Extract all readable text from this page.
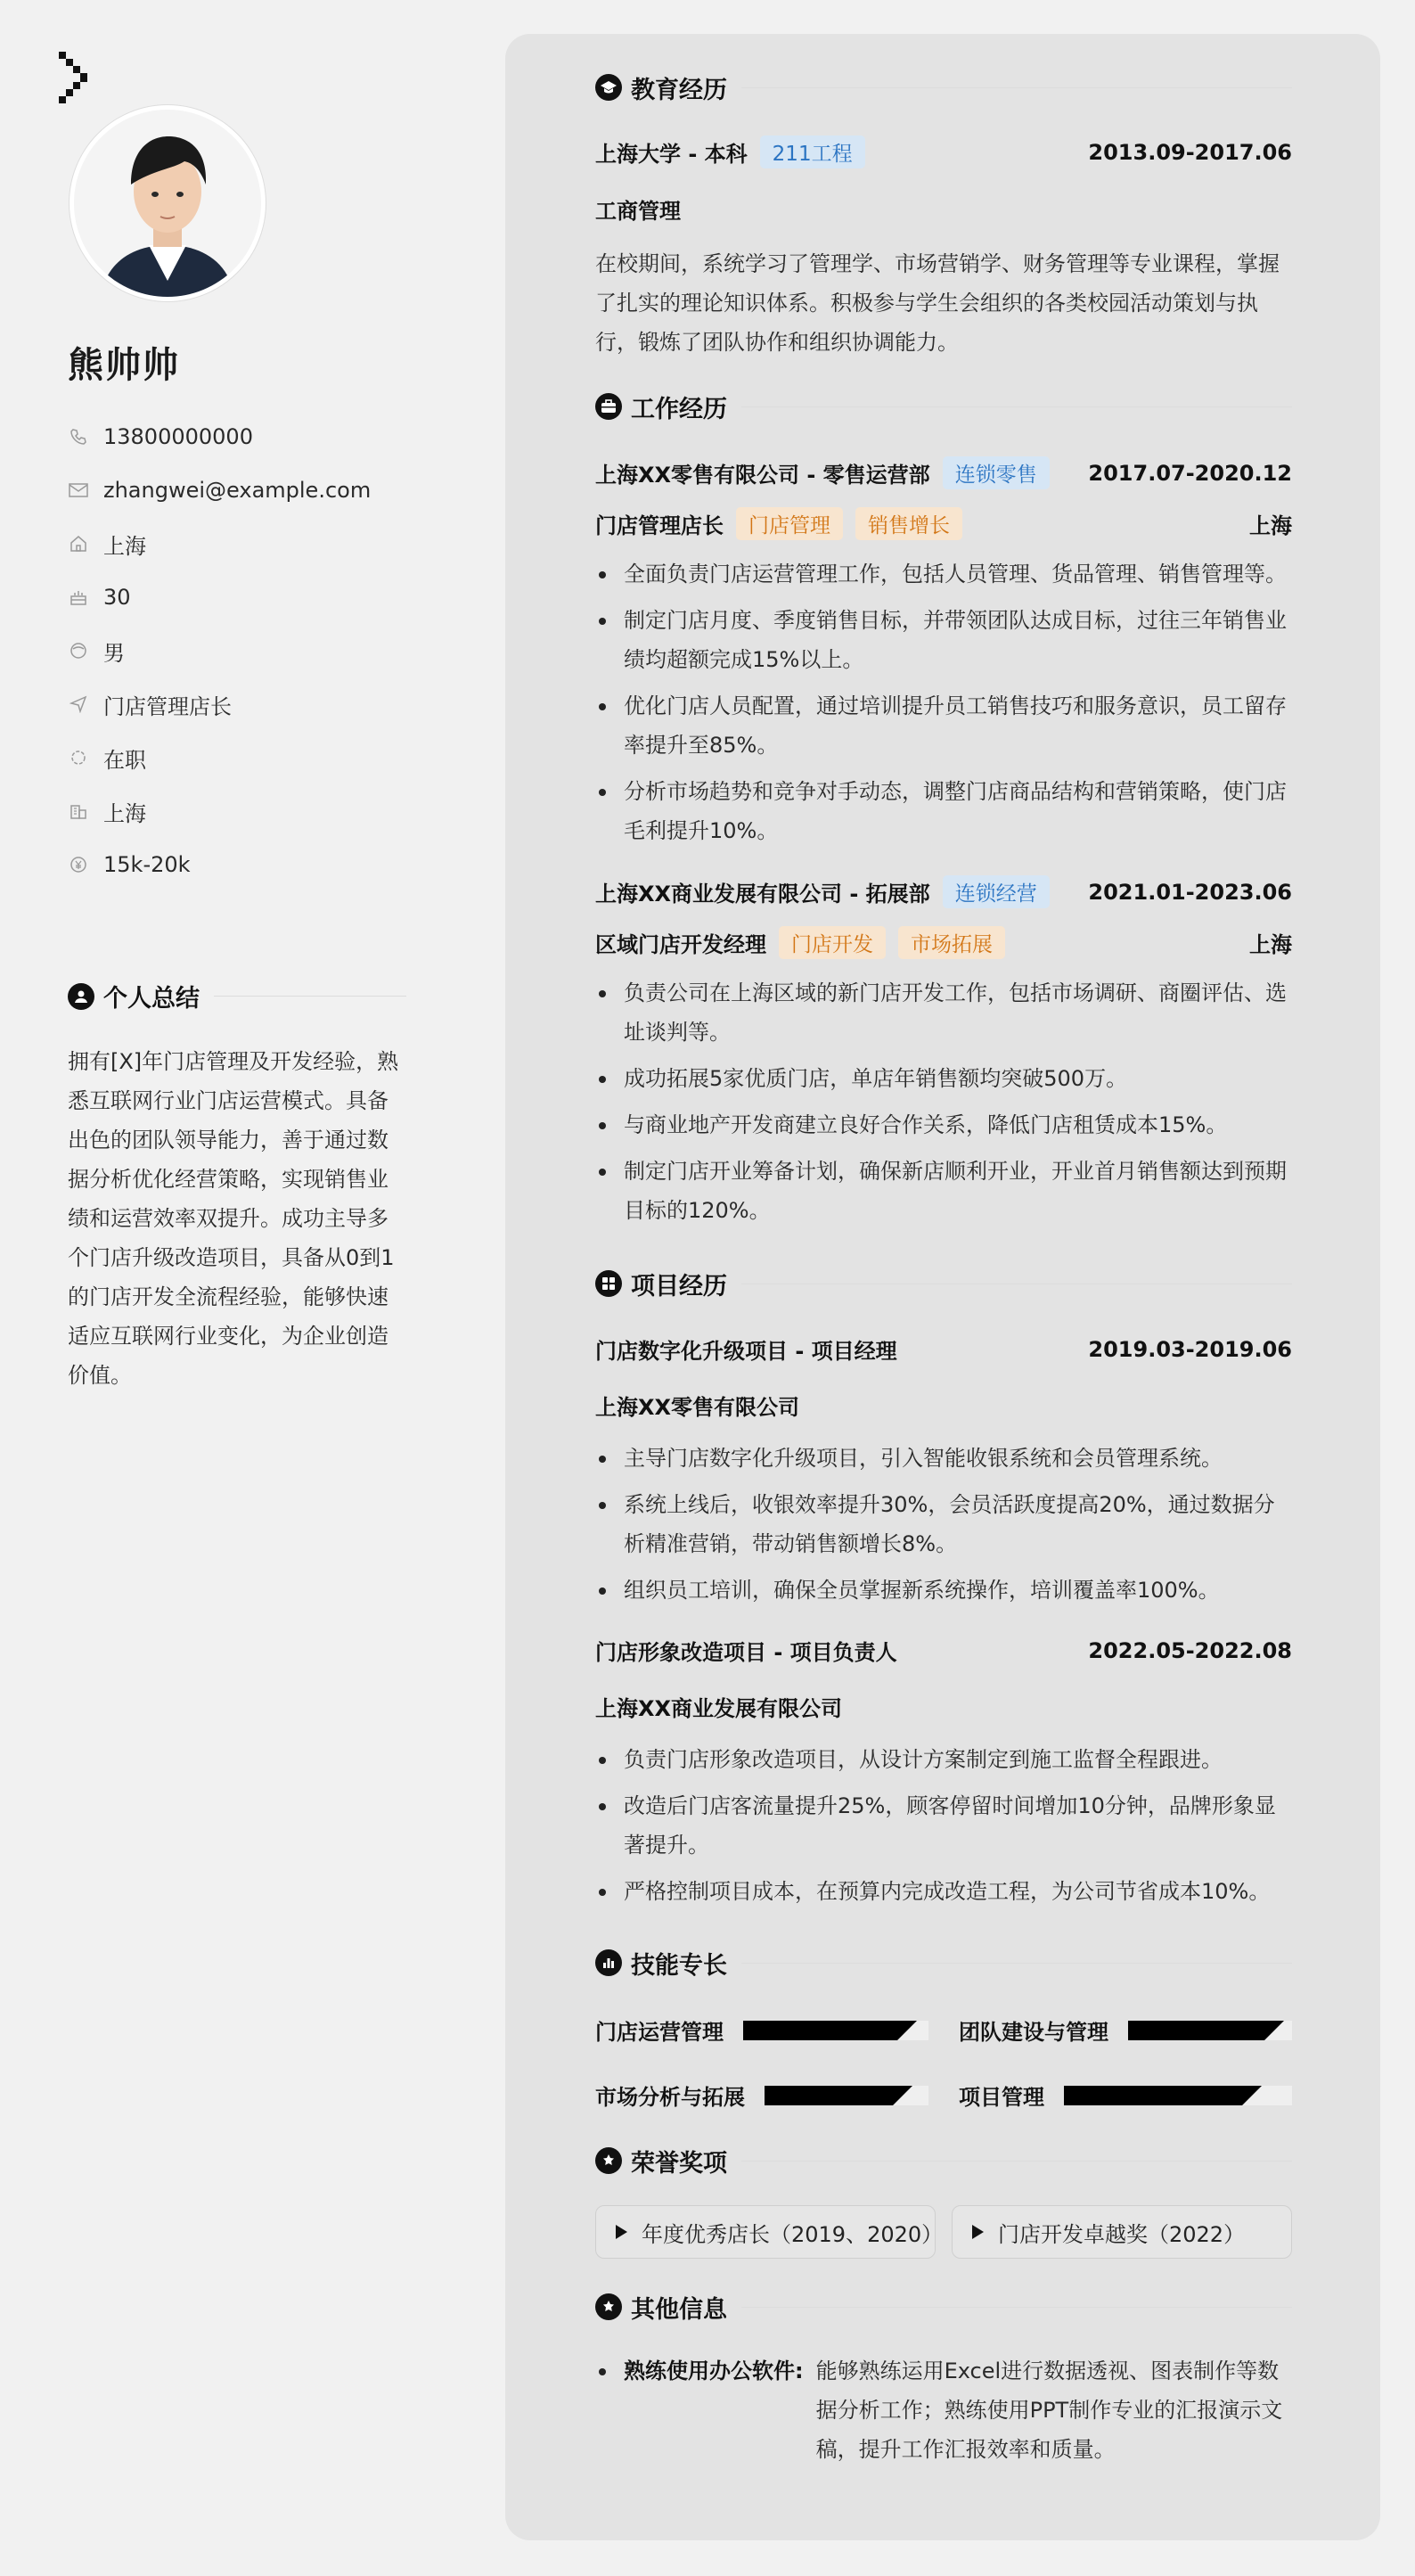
熊帅帅
13800000000
zhangwei@example.com
上海
30
男
门店管理店长
在职
上海
15k-20k
个人总结
拥有[X]年门店管理及开发经验，熟悉互联网行业门店运营模式。具备出色的团队领导能力，善于通过数据分析优化经营策略，实现销售业绩和运营效率双提升。成功主导多个门店升级改造项目，具备从0到1的门店开发全流程经验，能够快速适应互联网行业变化，为企业创造价值。
教育经历
上海大学 - 本科	211工程	2013.09-2017.06
工商管理
在校期间，系统学习了管理学、市场营销学、财务管理等专业课程，掌握了扎实的理论知识体系。积极参与学生会组织的各类校园活动策划与执行，锻炼了团队协作和组织协调能力。
工作经历
上海XX零售有限公司 - 零售运营部	连锁零售	2017.07-2020.12
门店管理店长	门店管理	销售增长	上海
全面负责门店运营管理工作，包括人员管理、货品管理、销售管理等。
制定门店月度、季度销售目标，并带领团队达成目标，过往三年销售业绩均超额完成15%以上。
优化门店人员配置，通过培训提升员工销售技巧和服务意识，员工留存率提升至85%。
分析市场趋势和竞争对手动态，调整门店商品结构和营销策略，使门店毛利提升10%。
上海XX商业发展有限公司 - 拓展部	连锁经营	2021.01-2023.06
区域门店开发经理	门店开发	市场拓展	上海
负责公司在上海区域的新门店开发工作，包括市场调研、商圈评估、选址谈判等。
成功拓展5家优质门店，单店年销售额均突破500万。
与商业地产开发商建立良好合作关系，降低门店租赁成本15%。
制定门店开业筹备计划，确保新店顺利开业，开业首月销售额达到预期目标的120%。
项目经历
门店数字化升级项目 - 项目经理	2019.03-2019.06
上海XX零售有限公司
主导门店数字化升级项目，引入智能收银系统和会员管理系统。
系统上线后，收银效率提升30%，会员活跃度提高20%，通过数据分析精准营销，带动销售额增长8%。
组织员工培训，确保全员掌握新系统操作，培训覆盖率100%。
门店形象改造项目 - 项目负责人	2022.05-2022.08
上海XX商业发展有限公司
负责门店形象改造项目，从设计方案制定到施工监督全程跟进。
改造后门店客流量提升25%，顾客停留时间增加10分钟，品牌形象显著提升。
严格控制项目成本，在预算内完成改造工程，为公司节省成本10%。
技能专长
门店运营管理	团队建设与管理
市场分析与拓展	项目管理
荣誉奖项
年度优秀店长（2019、2020）	门店开发卓越奖（2022）
其他信息
熟练使用办公软件: 能够熟练运用Excel进行数据透视、图表制作等数据分析工作；熟练使用PPT制作专业的汇报演示文稿，提升工作汇报效率和质量。
